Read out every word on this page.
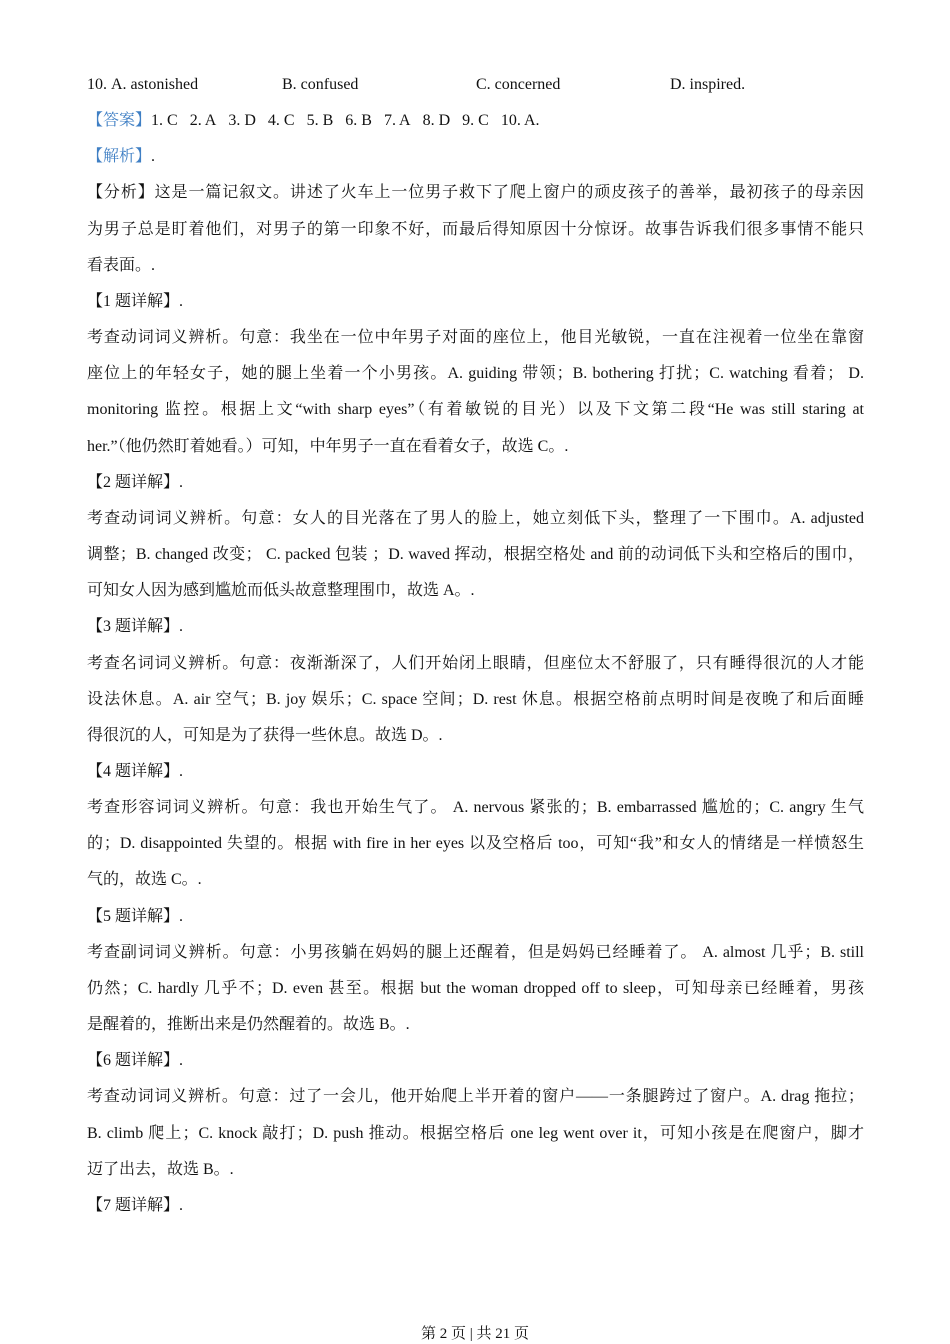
10. A. astonished	B. confused	C. concerned	D. inspired.
【答案】1. C 2. A 3. D 4. C 5. B 6. B 7. A 8. D 9. C 10. A.
【解析】.
【分析】这是一篇记叙文。讲述了火车上一位男子救下了爬上窗户的顽皮孩子的善举，最初孩子的母亲因
为男子总是盯着他们，对男子的第一印象不好，而最后得知原因十分惊讶。故事告诉我们很多事情不能只
看表面。.
【1 题详解】.
考查动词词义辨析。句意：我坐在一位中年男子对面的座位上，他目光敏锐，一直在注视着一位坐在靠窗
座位上的年轻女子，她的腿上坐着一个小男孩。A. guiding 带领；B. bothering 打扰；C. watching 看着； D.
monitoring 监控。根据上文“with sharp eyes”（有着敏锐的目光）以及下文第二段“He was still staring at
her.”（他仍然盯着她看。）可知，中年男子一直在看着女子，故选 C。.
【2 题详解】.
考查动词词义辨析。句意：女人的目光落在了男人的脸上，她立刻低下头，整理了一下围巾。A. adjusted
调整；B. changed 改变； C. packed 包装 ；D. waved 挥动，根据空格处 and 前的动词低下头和空格后的围巾，
可知女人因为感到尴尬而低头故意整理围巾，故选 A。.
【3 题详解】.
考查名词词义辨析。句意：夜渐渐深了，人们开始闭上眼睛，但座位太不舒服了，只有睡得很沉的人才能
设法休息。A. air 空气；B. joy 娱乐；C. space 空间；D. rest 休息。根据空格前点明时间是夜晚了和后面睡
得很沉的人，可知是为了获得一些休息。故选 D。.
【4 题详解】.
考查形容词词义辨析。句意：我也开始生气了。 A. nervous 紧张的；B. embarrassed 尴尬的；C. angry 生气
的；D. disappointed 失望的。根据 with fire in her eyes 以及空格后 too，可知“我”和女人的情绪是一样愤怒生
气的，故选 C。.
【5 题详解】.
考查副词词义辨析。句意：小男孩躺在妈妈的腿上还醒着，但是妈妈已经睡着了。 A. almost 几乎；B. still
仍然；C. hardly 几乎不；D. even 甚至。根据 but the woman dropped off to sleep，可知母亲已经睡着，男孩
是醒着的，推断出来是仍然醒着的。故选 B。.
【6 题详解】.
考查动词词义辨析。句意：过了一会儿，他开始爬上半开着的窗户——一条腿跨过了窗户。A. drag 拖拉；
B. climb 爬上；C. knock 敲打；D. push 推动。根据空格后 one leg went over it，可知小孩是在爬窗户，脚才
迈了出去，故选 B。.
【7 题详解】.
第 2 页 | 共 21 页
